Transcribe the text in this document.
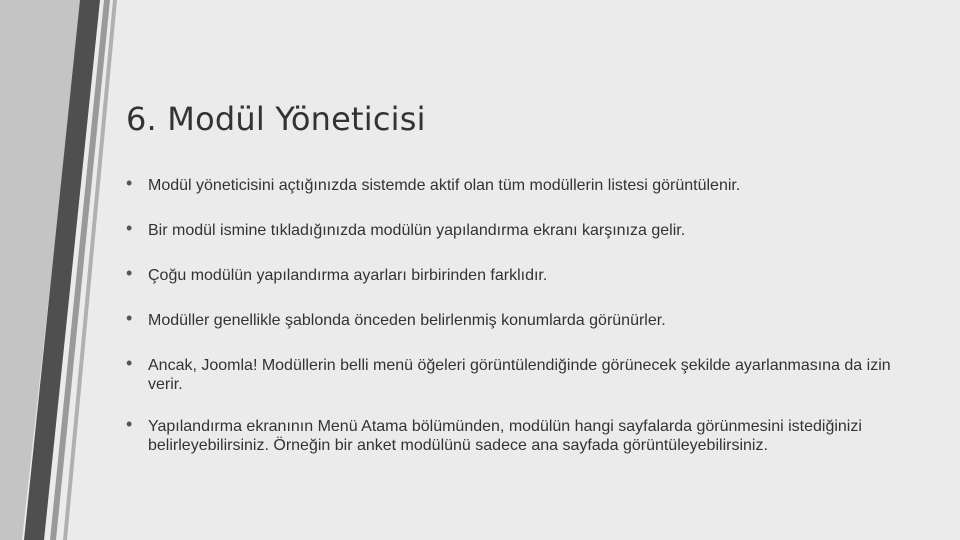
6. Modül Yöneticisi
• Modül yöneticisini açtığınızda sistemde aktif olan tüm modüllerin listesi görüntülenir.
• Bir modül ismine tıkladığınızda modülün yapılandırma ekranı karşınıza gelir.
• Çoğu modülün yapılandırma ayarları birbirinden farklıdır.
• Modüller genellikle şablonda önceden belirlenmiş konumlarda görünürler.
• Ancak, Joomla! Modüllerin belli menü öğeleri görüntülendiğinde görünecek şekilde ayarlanmasına da izin verir.
• Yapılandırma ekranının Menü Atama bölümünden, modülün hangi sayfalarda görünmesini istediğinizi belirleyebilirsiniz. Örneğin bir anket modülünü sadece ana sayfada görüntüleyebilirsiniz.
